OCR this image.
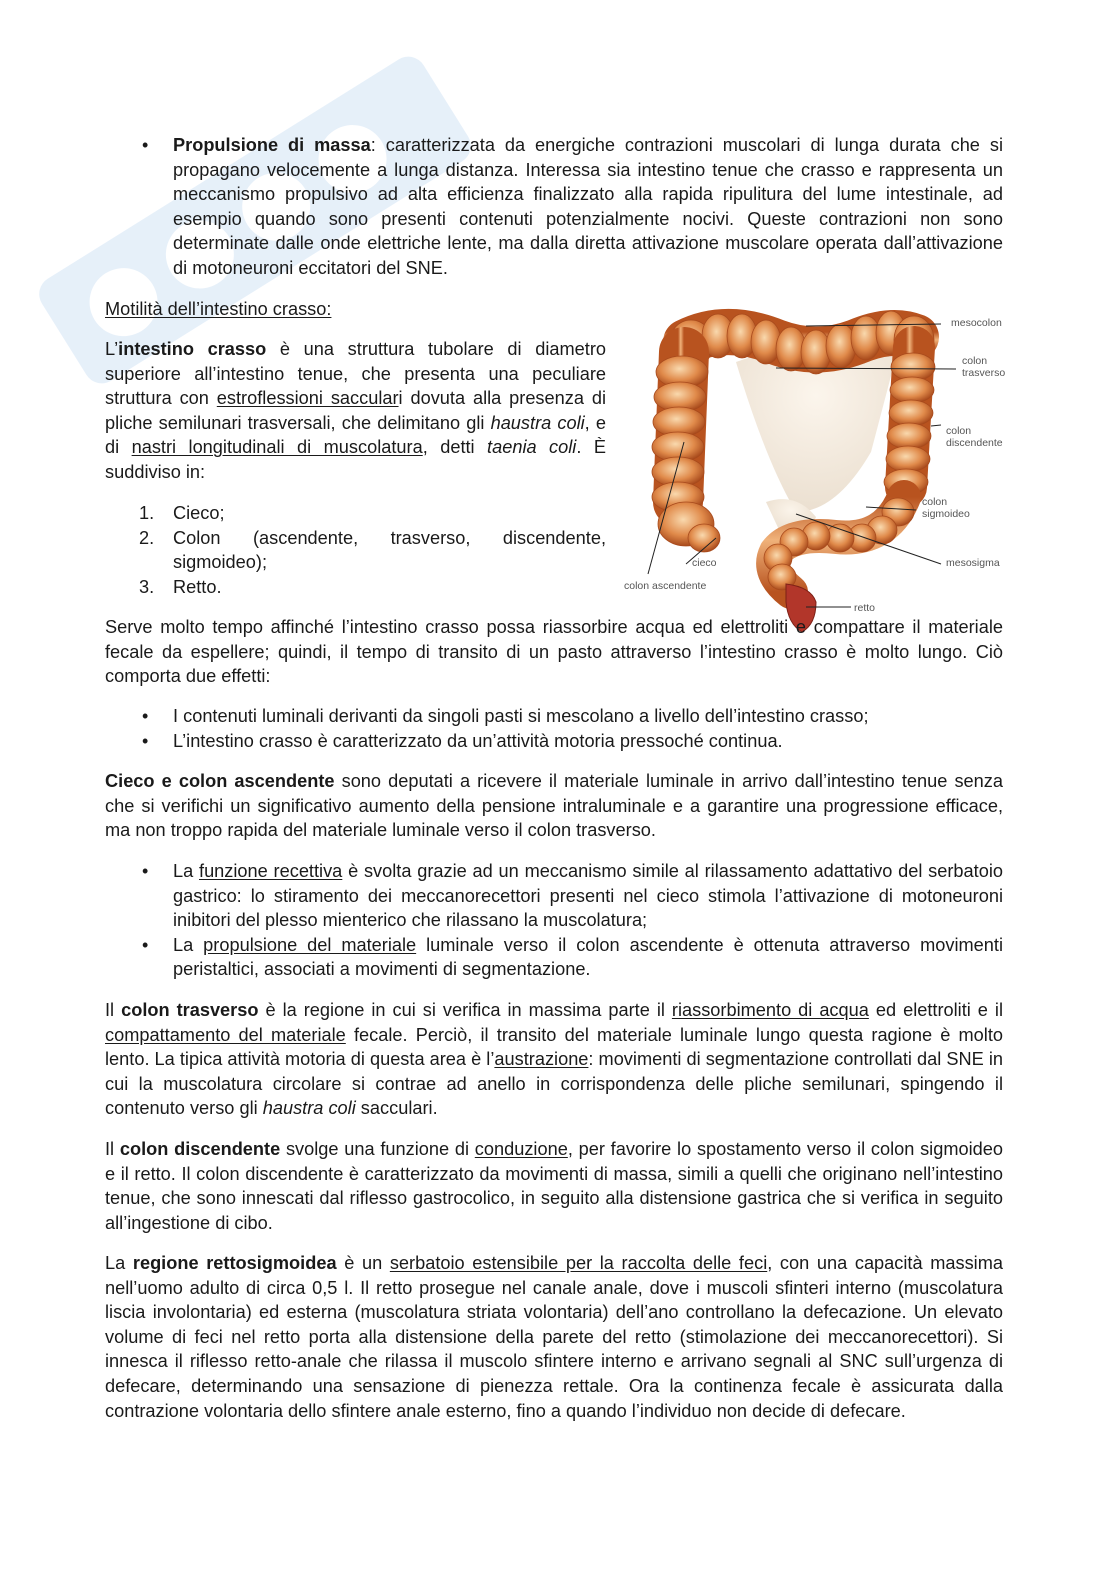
• Propulsione di massa: caratterizzata da energiche contrazioni muscolari di lunga durata che si propagano velocemente a lunga distanza. Interessa sia intestino tenue che crasso e rappresenta un meccanismo propulsivo ad alta efficienza finalizzato alla rapida ripulitura del lume intestinale, ad esempio quando sono presenti contenuti potenzialmente nocivi. Queste contrazioni non sono determinate dalle onde elettriche lente, ma dalla diretta attivazione muscolare operata dall’attivazione di motoneuroni eccitatori del SNE.
Motilità dell’intestino crasso:
L’intestino crasso è una struttura tubolare di diametro superiore all’intestino tenue, che presenta una peculiare struttura con estroflessioni sacculari dovuta alla presenza di pliche semilunari trasversali, che delimitano gli haustra coli, e di nastri longitudinali di muscolatura, detti taenia coli. È suddiviso in:
1. Cieco;
2. Colon (ascendente, trasverso, discendente, sigmoideo);
3. Retto.
mesocolon
colon
trasverso
colon
discendente
colon
sigmoideo
mesosigma
cieco
colon ascendente
retto
Serve molto tempo affinché l’intestino crasso possa riassorbire acqua ed elettroliti e compattare il materiale fecale da espellere; quindi, il tempo di transito di un pasto attraverso l’intestino crasso è molto lungo. Ciò comporta due effetti:
• I contenuti luminali derivanti da singoli pasti si mescolano a livello dell’intestino crasso;
• L’intestino crasso è caratterizzato da un’attività motoria pressoché continua.
Cieco e colon ascendente sono deputati a ricevere il materiale luminale in arrivo dall’intestino tenue senza che si verifichi un significativo aumento della pensione intraluminale e a garantire una progressione efficace, ma non troppo rapida del materiale luminale verso il colon trasverso.
• La funzione recettiva è svolta grazie ad un meccanismo simile al rilassamento adattativo del serbatoio gastrico: lo stiramento dei meccanorecettori presenti nel cieco stimola l’attivazione di motoneuroni inibitori del plesso mienterico che rilassano la muscolatura;
• La propulsione del materiale luminale verso il colon ascendente è ottenuta attraverso movimenti peristaltici, associati a movimenti di segmentazione.
Il colon trasverso è la regione in cui si verifica in massima parte il riassorbimento di acqua ed elettroliti e il compattamento del materiale fecale. Perciò, il transito del materiale luminale lungo questa ragione è molto lento. La tipica attività motoria di questa area è l’austrazione: movimenti di segmentazione controllati dal SNE in cui la muscolatura circolare si contrae ad anello in corrispondenza delle pliche semilunari, spingendo il contenuto verso gli haustra coli sacculari.
Il colon discendente svolge una funzione di conduzione, per favorire lo spostamento verso il colon sigmoideo e il retto. Il colon discendente è caratterizzato da movimenti di massa, simili a quelli che originano nell’intestino tenue, che sono innescati dal riflesso gastrocolico, in seguito alla distensione gastrica che si verifica in seguito all’ingestione di cibo.
La regione rettosigmoidea è un serbatoio estensibile per la raccolta delle feci, con una capacità massima nell’uomo adulto di circa 0,5 l. Il retto prosegue nel canale anale, dove i muscoli sfinteri interno (muscolatura liscia involontaria) ed esterna (muscolatura striata volontaria) dell’ano controllano la defecazione. Un elevato volume di feci nel retto porta alla distensione della parete del retto (stimolazione dei meccanorecettori). Si innesca il riflesso retto-anale che rilassa il muscolo sfintere interno e arrivano segnali al SNC sull’urgenza di defecare, determinando una sensazione di pienezza rettale. Ora la continenza fecale è assicurata dalla contrazione volontaria dello sfintere anale esterno, fino a quando l’individuo non decide di defecare.
